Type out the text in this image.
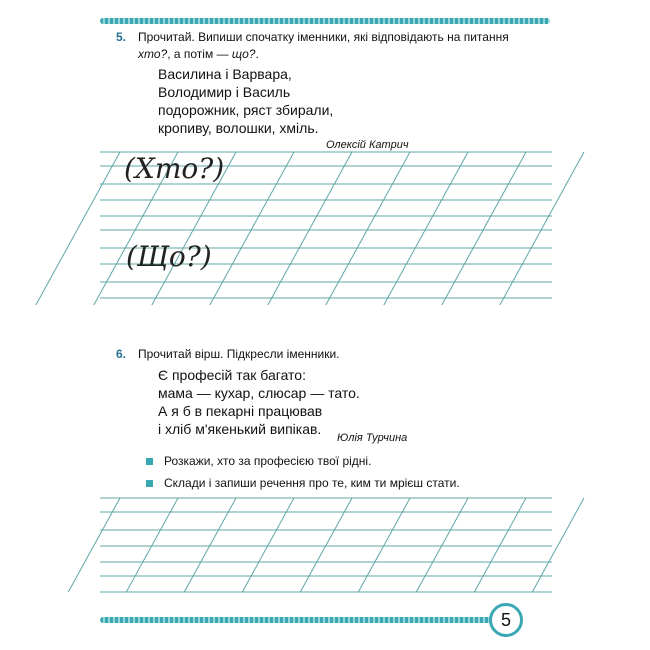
5. Прочитай. Випиши спочатку іменники, які відповідають на питання
хто?, а потім — що?.
Василина і Варвара,
Володимир і Василь
подорожник, ряст збирали,
кропиву, волошки, хміль.
Олексій Катрич
(Хто?)
(Що?)
6. Прочитай вірш. Підкресли іменники.
Є професій так багато:
мама — кухар, слюсар — тато.
А я б в пекарні працював
і хліб м'якенький випікав.
Юлія Турчина
Розкажи, хто за професією твої рідні.
Склади і запиши речення про те, ким ти мрієш стати.
5
